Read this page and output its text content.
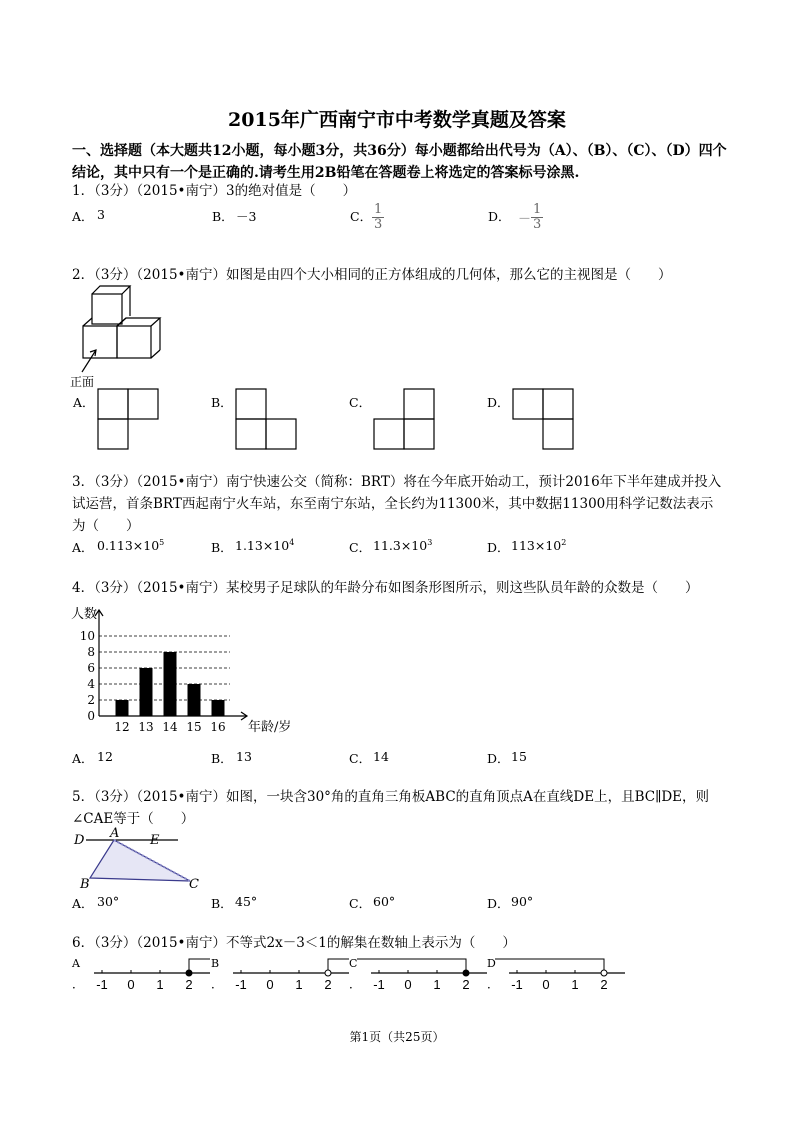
2015年广西南宁市中考数学真题及答案
一、选择题（本大题共12小题，每小题3分，共36分）每小题都给出代号为（A）、（B）、（C）、（D）四个结论，其中只有一个是正确的.请考生用2B铅笔在答题卷上将选定的答案标号涂黑.
1．（3分）（2015•南宁）3的绝对值是（　　）
A． 3	B． －3	C． $\frac{1}{3}$	D． － $\frac{1}{3}$
2．（3分）（2015•南宁）如图是由四个大小相同的正方体组成的几何体，那么它的主视图是（　　）
正面
A．	B．	C．	D．
3．（3分）（2015•南宁）南宁快速公交（简称：BRT）将在今年底开始动工，预计2016年下半年建成并投入试运营，首条BRT西起南宁火车站，东至南宁东站，全长约为11300米，其中数据11300用科学记数法表示为（　　）
A． $0.113\times 10^5$	B． $1.13\times 10^4$	C． $11.3\times 10^3$	D． $113\times 10^2$
4．（3分）（2015•南宁）某校男子足球队的年龄分布如图条形图所示，则这些队员年龄的众数是（　　）
0
2
4
6
8
10
12 13 14 15 16
人数
年龄/岁
A． 12	B． 13	C． 14	D． 15
5．（3分）（2015•南宁）如图，一块含30°角的直角三角板ABC的直角顶点A在直线DE上，且BC∥DE，则∠CAE等于（　　）
D A E
B	C
A． 30°	B． 45°	C． 60°	D． 90°
6．（3分）（2015•南宁）不等式2x－3＜1的解集在数轴上表示为（　　）
A
． -1 0 1 2
B
． -1 0 1 2
C
． -1 0 1 2
D
． -1 0 1 2
第1页（共25页）
